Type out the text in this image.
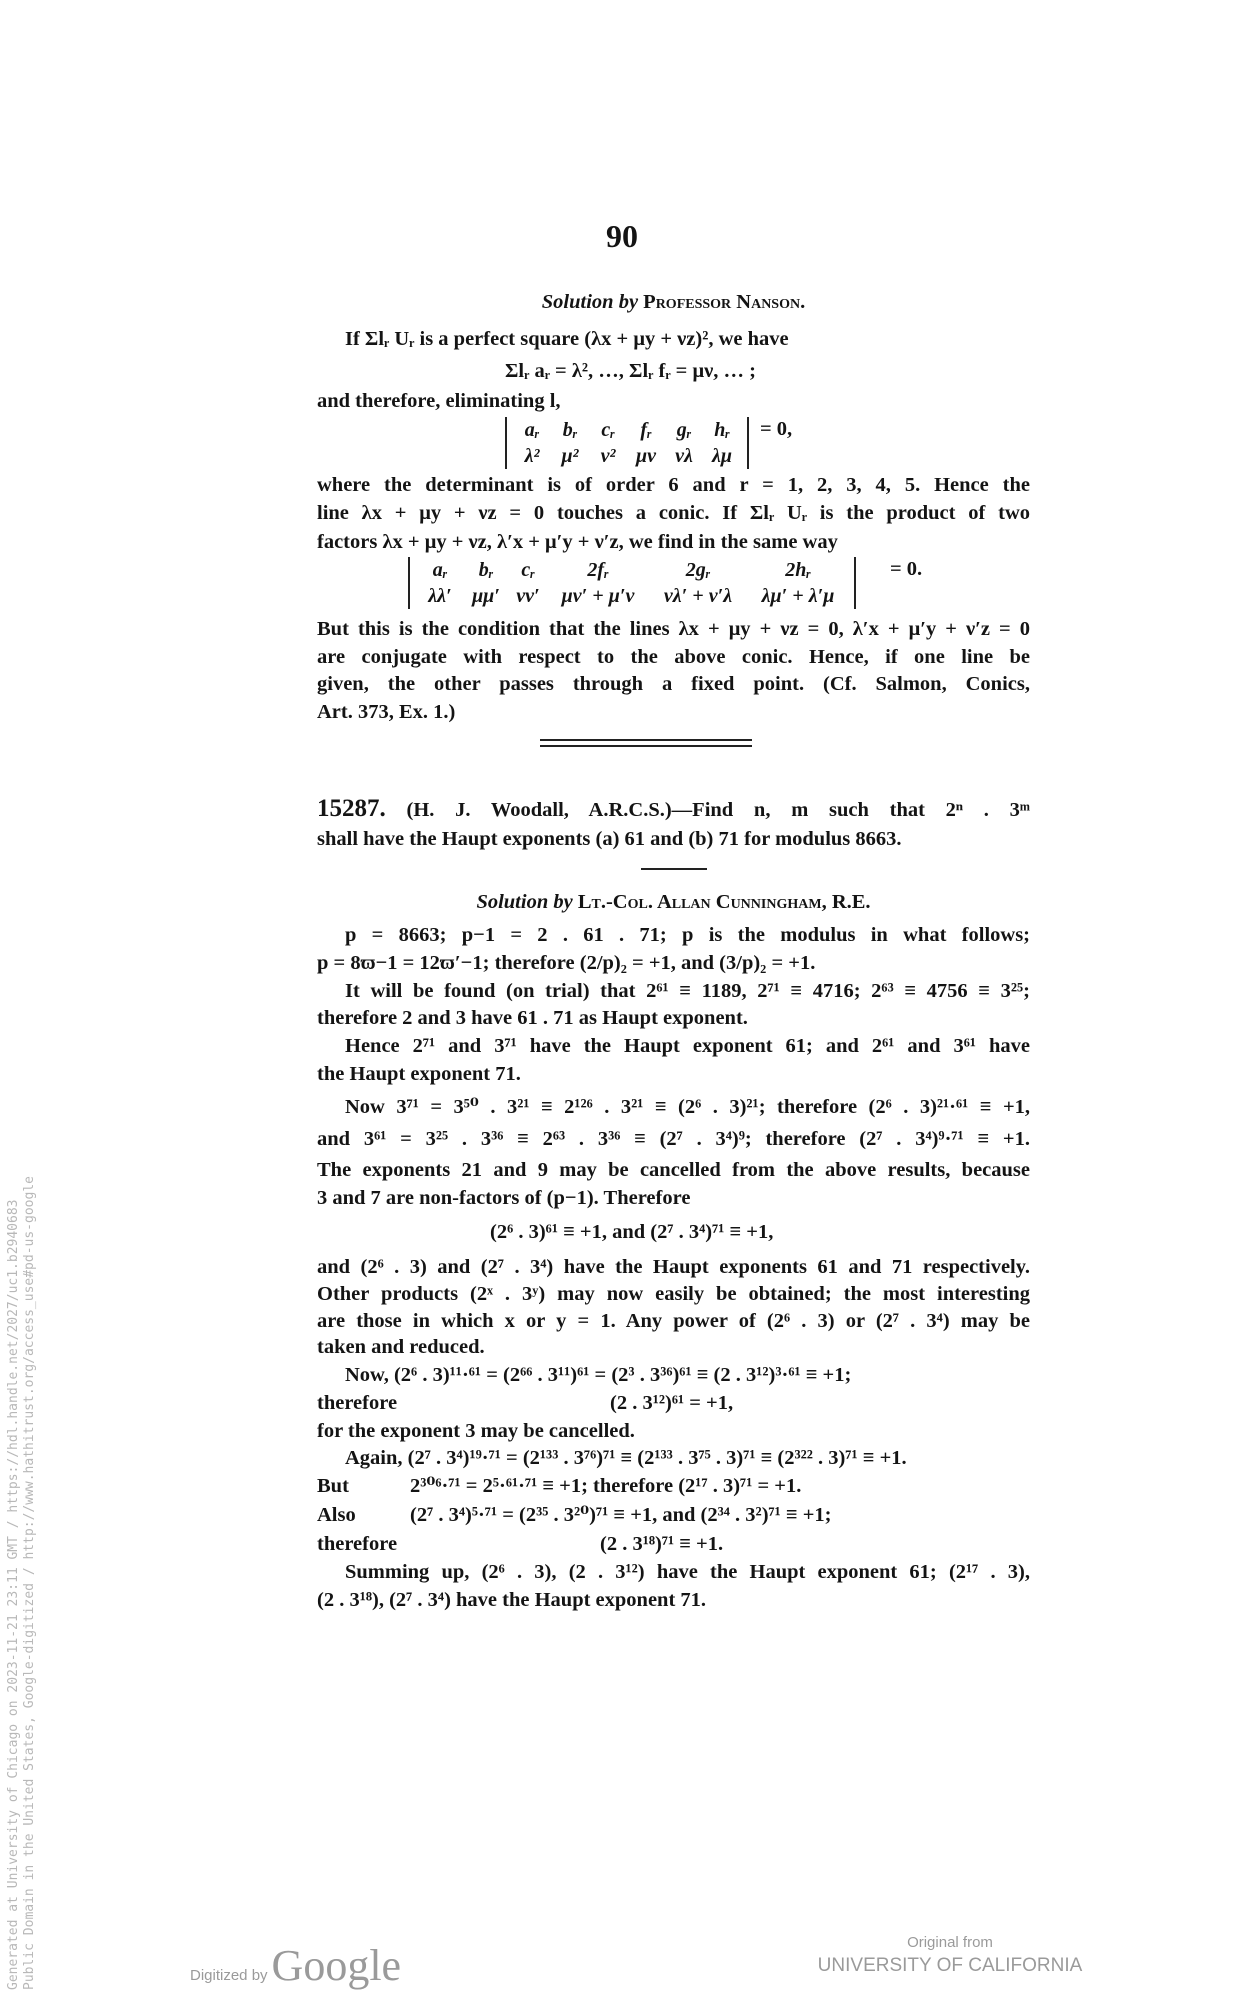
90
Solution by Professor Nanson.
If Σlᵣ Uᵣ is a perfect square (λx + μy + νz)², we have
Σlᵣ aᵣ = λ², …, Σlᵣ fᵣ = μν, … ;
and therefore, eliminating l,
aᵣ	bᵣ	cᵣ	fᵣ	gᵣ	hᵣ
λ²	μ²	ν²	μν νλ λμ
= 0,
where the determinant is of order 6 and r = 1, 2, 3, 4, 5. Hence the
line λx + μy + νz = 0 touches a conic. If Σlᵣ Uᵣ is the product of two
factors λx + μy + νz, λ′x + μ′y + ν′z, we find in the same way
aᵣ	bᵣ	cᵣ	2fᵣ	2gᵣ	2hᵣ
λλ′	μμ′ νν′	μν′ + μ′ν	νλ′ + ν′λ	λμ′ + λ′μ
= 0.
But this is the condition that the lines λx + μy + νz = 0, λ′x + μ′y + ν′z = 0
are conjugate with respect to the above conic. Hence, if one line be
given, the other passes through a fixed point. (Cf. Salmon, Conics,
Art. 373, Ex. 1.)
15287. (H. J. Woodall, A.R.C.S.)—Find n, m such that 2ⁿ . 3ᵐ
shall have the Haupt exponents (a) 61 and (b) 71 for modulus 8663.
Solution by Lt.-Col. Allan Cunningham, R.E.
p = 8663; p−1 = 2 . 61 . 71; p is the modulus in what follows;
p = 8ϖ−1 = 12ϖ′−1; therefore (2/p)₂ = +1, and (3/p)₂ = +1.
It will be found (on trial) that 2⁶¹ ≡ 1189, 2⁷¹ ≡ 4716; 2⁶³ ≡ 4756 ≡ 3²⁵;
therefore 2 and 3 have 61 . 71 as Haupt exponent.
Hence 2⁷¹ and 3⁷¹ have the Haupt exponent 61; and 2⁶¹ and 3⁶¹ have
the Haupt exponent 71.
Now 3⁷¹ = 3⁵⁰ . 3²¹ ≡ 2¹²⁶ . 3²¹ ≡ (2⁶ . 3)²¹; therefore (2⁶ . 3)²¹·⁶¹ ≡ +1,
and 3⁶¹ = 3²⁵ . 3³⁶ ≡ 2⁶³ . 3³⁶ ≡ (2⁷ . 3⁴)⁹; therefore (2⁷ . 3⁴)⁹·⁷¹ ≡ +1.
The exponents 21 and 9 may be cancelled from the above results, because
3 and 7 are non-factors of (p−1). Therefore
(2⁶ . 3)⁶¹ ≡ +1, and (2⁷ . 3⁴)⁷¹ ≡ +1,
and (2⁶ . 3) and (2⁷ . 3⁴) have the Haupt exponents 61 and 71 respectively.
Other products (2ˣ . 3ʸ) may now easily be obtained; the most interesting
are those in which x or y = 1. Any power of (2⁶ . 3) or (2⁷ . 3⁴) may be
taken and reduced.
Now, (2⁶ . 3)¹¹·⁶¹ = (2⁶⁶ . 3¹¹)⁶¹ = (2³ . 3³⁶)⁶¹ ≡ (2 . 3¹²)³·⁶¹ ≡ +1;
therefore	(2 . 3¹²)⁶¹ = +1,
for the exponent 3 may be cancelled.
Again, (2⁷ . 3⁴)¹⁹·⁷¹ = (2¹³³ . 3⁷⁶)⁷¹ ≡ (2¹³³ . 3⁷⁵ . 3)⁷¹ ≡ (2³²² . 3)⁷¹ ≡ +1.
But	2³⁰⁶·⁷¹ = 2⁵·⁶¹·⁷¹ ≡ +1; therefore (2¹⁷ . 3)⁷¹ = +1.
Also	(2⁷ . 3⁴)⁵·⁷¹ = (2³⁵ . 3²⁰)⁷¹ ≡ +1, and (2³⁴ . 3²)⁷¹ ≡ +1;
therefore	(2 . 3¹⁸)⁷¹ ≡ +1.
Summing up, (2⁶ . 3), (2 . 3¹²) have the Haupt exponent 61; (2¹⁷ . 3),
(2 . 3¹⁸), (2⁷ . 3⁴) have the Haupt exponent 71.
Generated at University of Chicago on 2023-11-21 23:11 GMT / https://hdl.handle.net/2027/uc1.b2940683 Public Domain in the United States, Google-digitized / http://www.hathitrust.org/access_use#pd-us-google	Digitized by Google	Original from
UNIVERSITY OF CALIFORNIA
